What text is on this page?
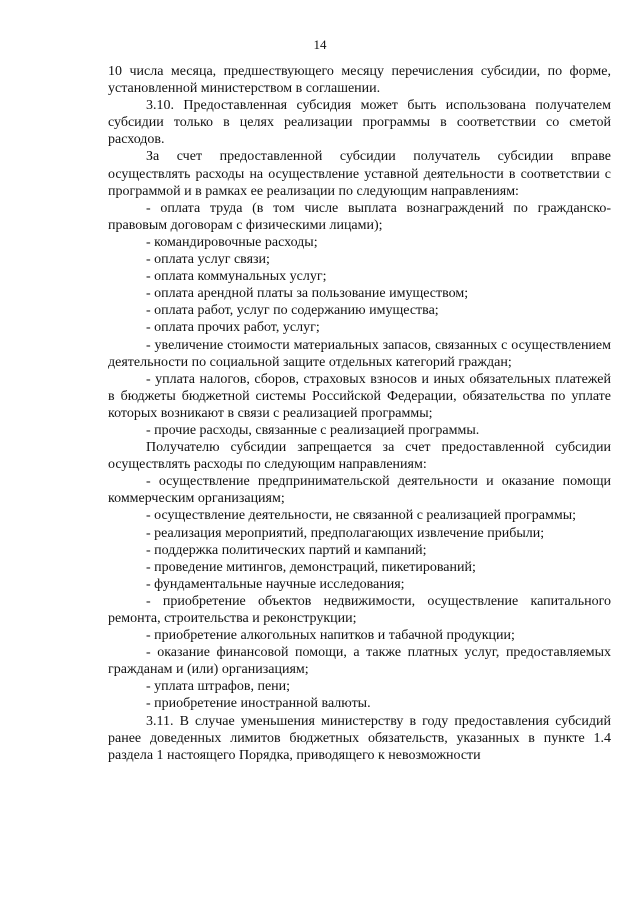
14

10 числа месяца, предшествующего месяцу перечисления субсидии, по форме, установленной министерством в соглашении.

3.10. Предоставленная субсидия может быть использована получателем субсидии только в целях реализации программы в соответствии со сметой расходов.

За счет предоставленной субсидии получатель субсидии вправе осуществлять расходы на осуществление уставной деятельности в соответствии с программой и в рамках ее реализации по следующим направлениям:

- оплата труда (в том числе выплата вознаграждений по гражданско-правовым договорам с физическими лицами);

- командировочные расходы;

- оплата услуг связи;

- оплата коммунальных услуг;

- оплата арендной платы за пользование имуществом;

- оплата работ, услуг по содержанию имущества;

- оплата прочих работ, услуг;

- увеличение стоимости материальных запасов, связанных с осуществлением деятельности по социальной защите отдельных категорий граждан;

- уплата налогов, сборов, страховых взносов и иных обязательных платежей в бюджеты бюджетной системы Российской Федерации, обязательства по уплате которых возникают в связи с реализацией программы;

- прочие расходы, связанные с реализацией программы.

Получателю субсидии запрещается за счет предоставленной субсидии осуществлять расходы по следующим направлениям:

- осуществление предпринимательской деятельности и оказание помощи коммерческим организациям;

- осуществление деятельности, не связанной с реализацией программы;

- реализация мероприятий, предполагающих извлечение прибыли;

- поддержка политических партий и кампаний;

- проведение митингов, демонстраций, пикетирований;

- фундаментальные научные исследования;

- приобретение объектов недвижимости, осуществление капитального ремонта, строительства и реконструкции;

- приобретение алкогольных напитков и табачной продукции;

- оказание финансовой помощи, а также платных услуг, предоставляемых гражданам и (или) организациям;

- уплата штрафов, пени;

- приобретение иностранной валюты.

3.11. В случае уменьшения министерству в году предоставления субсидий ранее доведенных лимитов бюджетных обязательств, указанных в пункте 1.4 раздела 1 настоящего Порядка, приводящего к невозможности
